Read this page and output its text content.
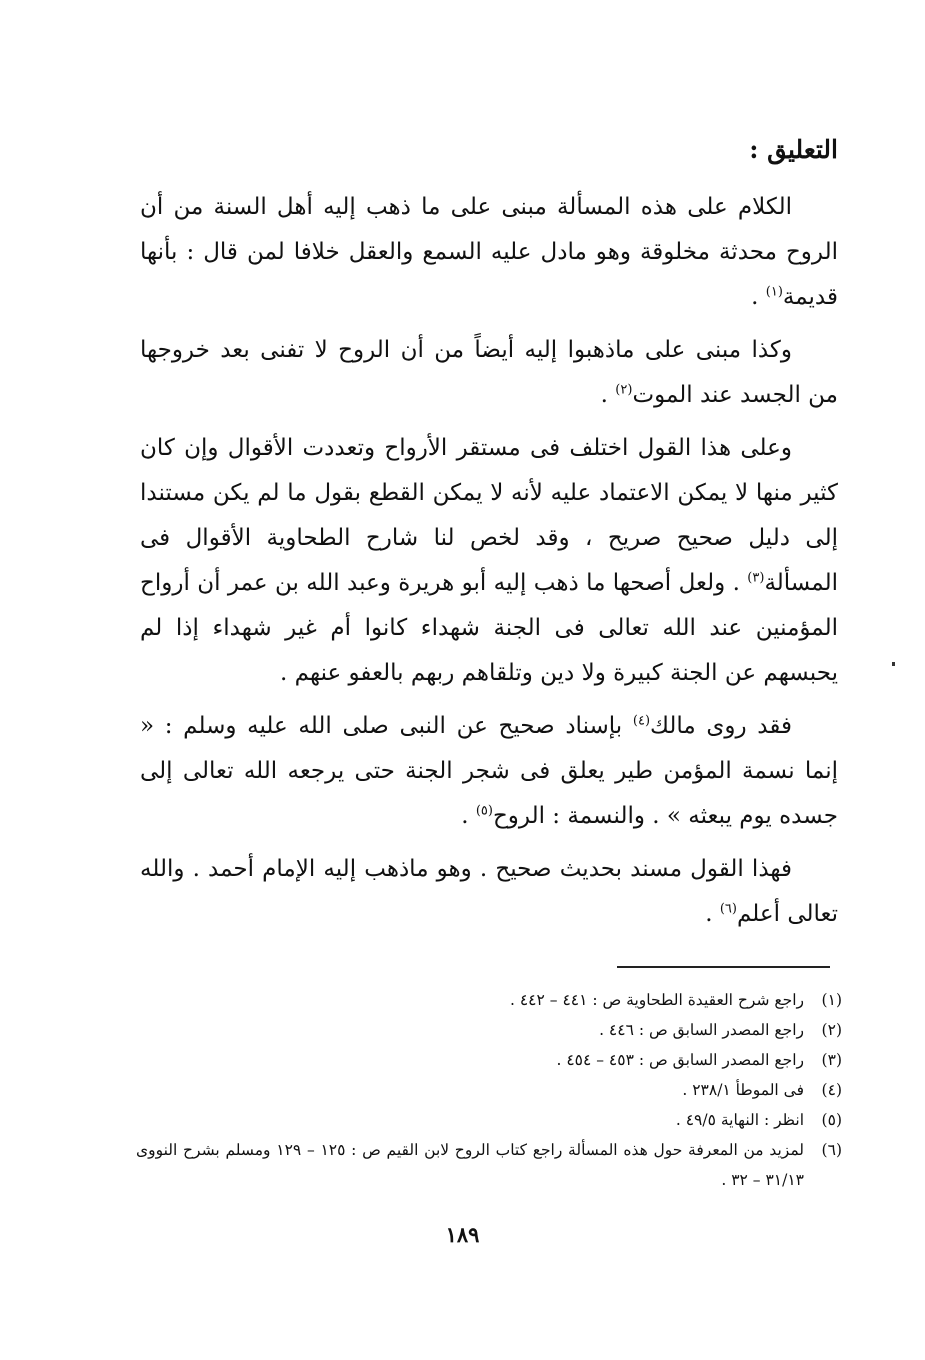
التعليق :

الكلام على هذه المسألة مبنى على ما ذهب إليه أهل السنة من أن الروح محدثة مخلوقة وهو مادل عليه السمع والعقل خلافا لمن قال : بأنها قديمة$^{(١)}$ .

وكذا مبنى على ماذهبوا إليه أيضاً من أن الروح لا تفنى بعد خروجها من الجسد عند الموت$^{(٢)}$ .

وعلى هذا القول اختلف فى مستقر الأرواح وتعددت الأقوال وإن كان كثير منها لا يمكن الاعتماد عليه لأنه لا يمكن القطع بقول ما لم يكن مستندا إلى دليل صحيح صريح ، وقد لخص لنا شارح الطحاوية الأقوال فى المسألة$^{(٣)}$ . ولعل أصحها ما ذهب إليه أبو هريرة وعبد الله بن عمر أن أرواح المؤمنين عند الله تعالى فى الجنة شهداء كانوا أم غير شهداء إذا لم يحبسهم عن الجنة كبيرة ولا دين وتلقاهم ربهم بالعفو عنهم .

فقد روى مالك$^{(٤)}$ بإسناد صحيح عن النبى صلى الله عليه وسلم : « إنما نسمة المؤمن طير يعلق فى شجر الجنة حتى يرجعه الله تعالى إلى جسده يوم يبعثه » . والنسمة : الروح$^{(٥)}$ .

فهذا القول مسند بحديث صحيح . وهو ماذهب إليه الإمام أحمد . والله تعالى أعلم$^{(٦)}$ .

(١)
راجع شرح العقيدة الطحاوية ص : ٤٤١ – ٤٤٢ .
(٢)
راجع المصدر السابق ص : ٤٤٦ .
(٣)
راجع المصدر السابق ص : ٤٥٣ – ٤٥٤ .
(٤)
فى الموطأ ٢٣٨/١ .
(٥)
انظر : النهاية ٤٩/٥ .
(٦)
لمزيد من المعرفة حول هذه المسألة راجع كتاب الروح لابن القيم ص : ١٢٥ – ١٢٩ ومسلم بشرح النووى ٣١/١٣ – ٣٢ .
١٨٩
